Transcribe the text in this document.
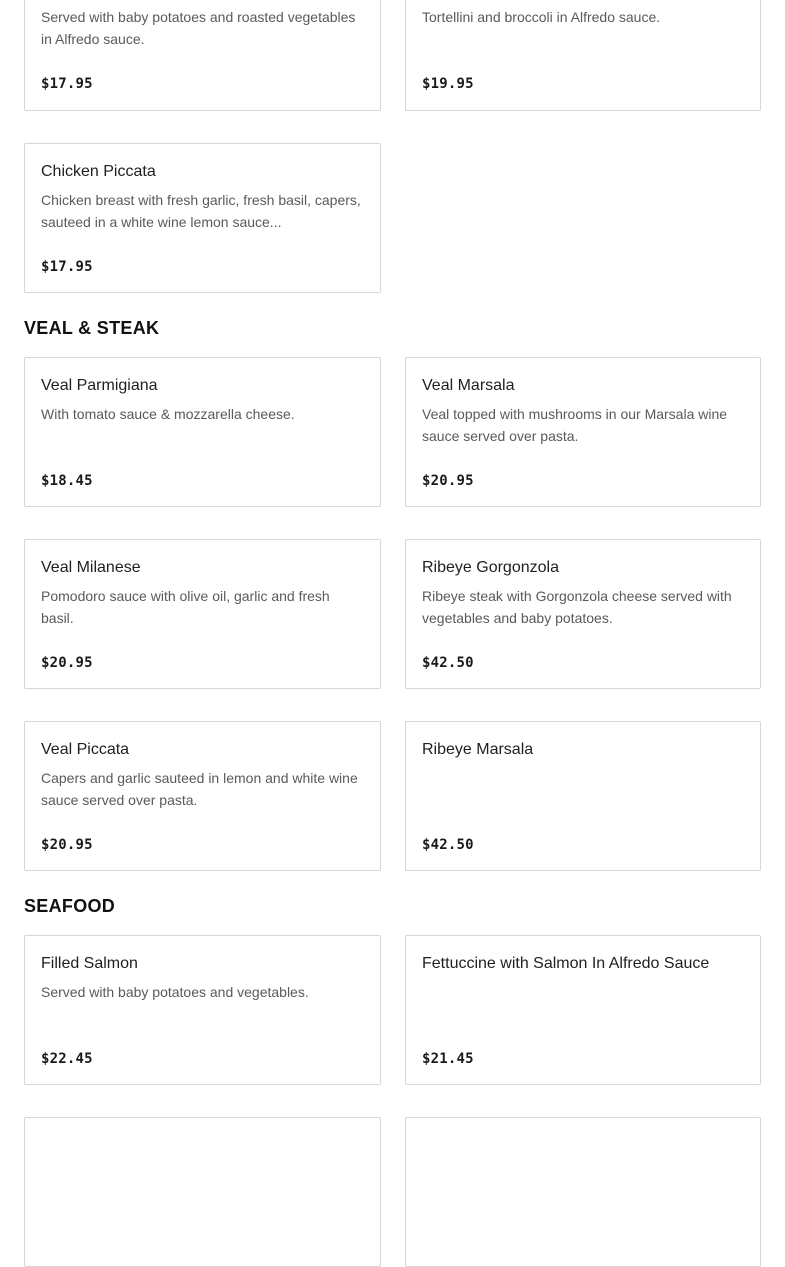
Served with baby potatoes and roasted vegetables in Alfredo sauce.
$17.95
Tortellini and broccoli in Alfredo sauce.
$19.95
Chicken Piccata
Chicken breast with fresh garlic, fresh basil, capers, sauteed in a white wine lemon sauce...
$17.95
VEAL & STEAK
Veal Parmigiana
With tomato sauce & mozzarella cheese.
$18.45
Veal Marsala
Veal topped with mushrooms in our Marsala wine sauce served over pasta.
$20.95
Veal Milanese
Pomodoro sauce with olive oil, garlic and fresh basil.
$20.95
Ribeye Gorgonzola
Ribeye steak with Gorgonzola cheese served with vegetables and baby potatoes.
$42.50
Veal Piccata
Capers and garlic sauteed in lemon and white wine sauce served over pasta.
$20.95
Ribeye Marsala
$42.50
SEAFOOD
Filled Salmon
Served with baby potatoes and vegetables.
$22.45
Fettuccine with Salmon In Alfredo Sauce
$21.45
